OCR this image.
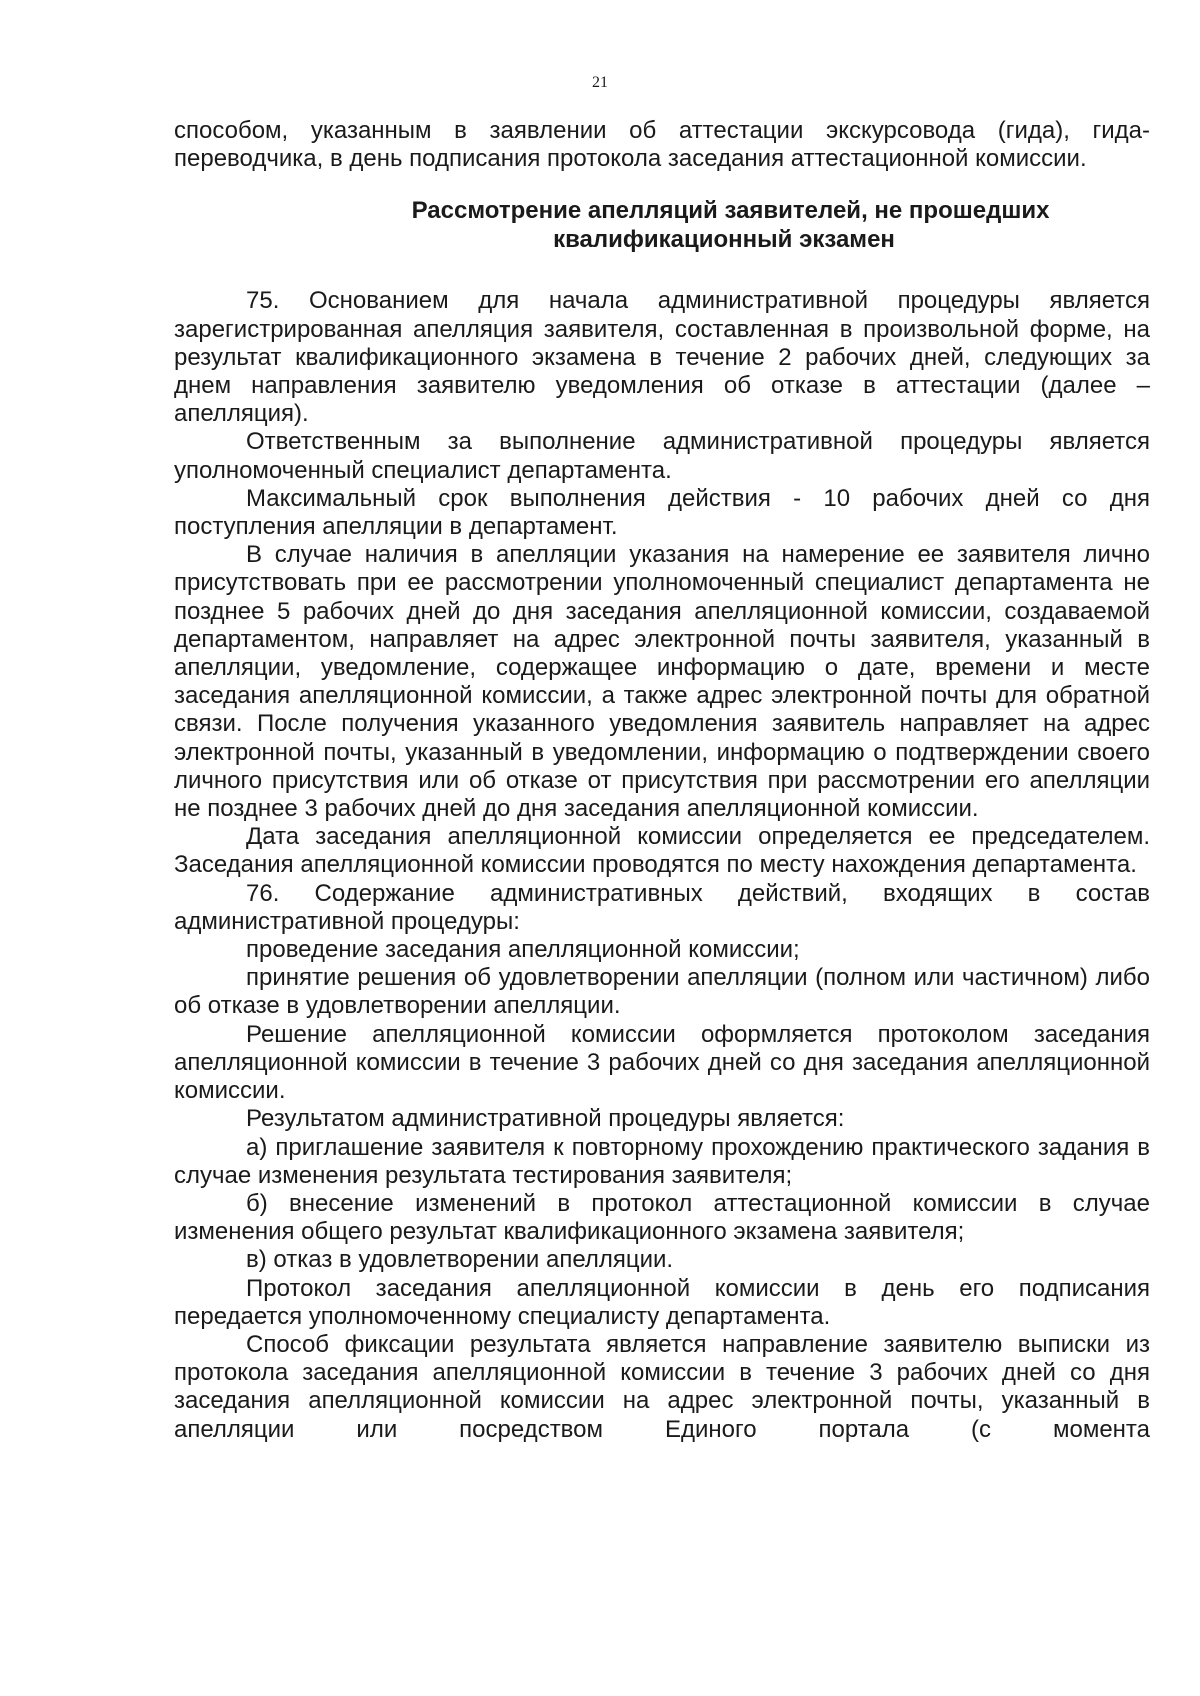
21

способом, указанным в заявлении об аттестации экскурсовода (гида), гида-переводчика, в день подписания протокола заседания аттестационной комиссии.

Рассмотрение апелляций заявителей, не прошедших
квалификационный экзамен

75. Основанием для начала административной процедуры является зарегистрированная апелляция заявителя, составленная в произвольной форме, на результат квалификационного экзамена в течение 2 рабочих дней, следующих за днем направления заявителю уведомления об отказе в аттестации (далее – апелляция).

Ответственным за выполнение административной процедуры является уполномоченный специалист департамента.

Максимальный срок выполнения действия - 10 рабочих дней со дня поступления апелляции в департамент.

В случае наличия в апелляции указания на намерение ее заявителя лично присутствовать при ее рассмотрении уполномоченный специалист департамента не позднее 5 рабочих дней до дня заседания апелляционной комиссии, создаваемой департаментом, направляет на адрес электронной почты заявителя, указанный в апелляции, уведомление, содержащее информацию о дате, времени и месте заседания апелляционной комиссии, а также адрес электронной почты для обратной связи. После получения указанного уведомления заявитель направляет на адрес электронной почты, указанный в уведомлении, информацию о подтверждении своего личного присутствия или об отказе от присутствия при рассмотрении его апелляции не позднее 3 рабочих дней до дня заседания апелляционной комиссии.

Дата заседания апелляционной комиссии определяется ее председателем. Заседания апелляционной комиссии проводятся по месту нахождения департамента.

76. Содержание административных действий, входящих в состав административной процедуры:

проведение заседания апелляционной комиссии;

принятие решения об удовлетворении апелляции (полном или частичном) либо об отказе в удовлетворении апелляции.

Решение апелляционной комиссии оформляется протоколом заседания апелляционной комиссии в течение 3 рабочих дней со дня заседания апелляционной комиссии.

Результатом административной процедуры является:

а) приглашение заявителя к повторному прохождению практического задания в случае изменения результата тестирования заявителя;

б) внесение изменений в протокол аттестационной комиссии в случае изменения общего результат квалификационного экзамена заявителя;

в) отказ в удовлетворении апелляции.

Протокол заседания апелляционной комиссии в день его подписания передается уполномоченному специалисту департамента.

Способ фиксации результата является направление заявителю выписки из протокола заседания апелляционной комиссии в течение 3 рабочих дней со дня заседания апелляционной комиссии на адрес электронной почты, указанный в апелляции или посредством Единого портала (с момента
